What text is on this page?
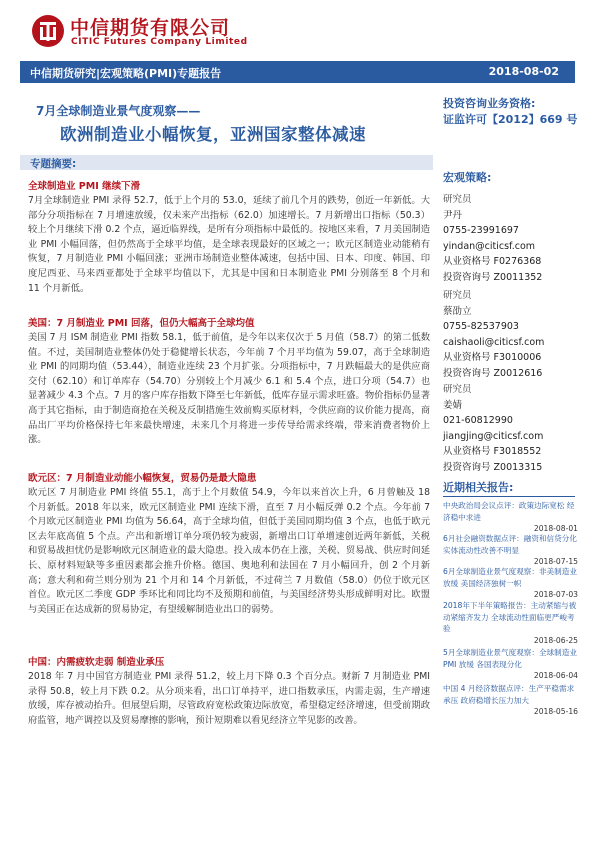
中信期货有限公司
CITIC Futures Company Limited
中信期货研究|宏观策略(PMI)专题报告	2018-08-02
7月全球制造业景气度观察——
欧洲制造业小幅恢复，亚洲国家整体减速
投资咨询业务资格:
证监许可【2012】669 号
宏观策略:
研究员
尹丹
0755-23991697
yindan@citicsf.com
从业资格号 F0276368
投资咨询号 Z0011352
研究员
蔡劭立
0755-82537903
caishaoli@citicsf.com
从业资格号 F3010006
投资咨询号 Z0012616
研究员
姜婧
021-60812990
jiangjing@citicsf.com
从业资格号 F3018552
投资咨询号 Z0013315
近期相关报告:
中央政治局会议点评：政策边际宽松 经济稳中求进
2018-08-01
6月社会融资数据点评：融资和信贷分化 实体流动性改善不明显
2018-07-15
6月全球制造业景气度观察：非美制造业放缓 美国经济独树一帜
2018-07-03
2018年下半年策略报告：主动紧缩与被动紧缩齐发力 全球流动性面临更严峻考验
2018-06-25
5月全球制造业景气度观察：全球制造业 PMI 放缓 各国表现分化
2018-06-04
中国 4 月经济数据点评：生产平稳需求承压 政府稳增长压力加大
2018-05-16
专题摘要:
全球制造业 PMI 继续下滑
7月全球制造业 PMI 录得 52.7，低于上个月的 53.0，延续了前几个月的跌势，创近一年新低。大部分分项指标在 7 月增速放缓，仅未来产出指标（62.0）加速增长。7 月新增出口指标（50.3）较上个月继续下滑 0.2 个点，逼近临界线，是所有分项指标中最低的。按地区来看，7 月美国制造业 PMI 小幅回落，但仍然高于全球平均值，是全球表现最好的区域之一；欧元区制造业动能稍有恢复，7 月制造业 PMI 小幅回涨；亚洲市场制造业整体减速，包括中国、日本、印度、韩国、印度尼西亚、马来西亚都处于全球平均值以下，尤其是中国和日本制造业 PMI 分别落至 8 个月和 11 个月新低。
美国：7 月制造业 PMI 回落，但仍大幅高于全球均值
美国 7 月 ISM 制造业 PMI 指数 58.1，低于前值，是今年以来仅次于 5 月值（58.7）的第二低数值。不过，美国制造业整体仍处于稳健增长状态，今年前 7 个月平均值为 59.07，高于全球制造业 PMI 的同期均值（53.44），制造业连续 23 个月扩张。分项指标中，7 月跌幅最大的是供应商交付（62.10）和订单库存（54.70）分别较上个月减少 6.1 和 5.4 个点，进口分项（54.7）也显著减少 4.3 个点。7 月的客户库存指数下降至七年新低，低库存显示需求旺盛。物价指标仍显著高于其它指标，由于制造商抢在关税及反制措施生效前购买原材料，令供应商的议价能力提高，商品出厂平均价格保持七年来最快增速，未来几个月将进一步传导给需求终端，带来消费者物价上涨。
欧元区：7 月制造业动能小幅恢复，贸易仍是最大隐患
欧元区 7 月制造业 PMI 终值 55.1，高于上个月数值 54.9，今年以来首次上升，6 月曾触及 18 个月新低。2018 年以来，欧元区制造业 PMI 连续下滑，直至 7 月小幅反弹 0.2 个点。今年前 7 个月欧元区制造业 PMI 均值为 56.64，高于全球均值，但低于美国同期均值 3 个点，也低于欧元区去年底高值 5 个点。产出和新增订单分项仍较为疲弱，新增出口订单增速创近两年新低，关税和贸易战担忧仍是影响欧元区制造业的最大隐患。投入成本仍在上涨，关税、贸易战、供应时间延长、原材料短缺等多重因素都会推升价格。德国、奥地利和法国在 7 月小幅回升，创 2 个月新高；意大利和荷兰则分别为 21 个月和 14 个月新低，不过荷兰 7 月数值（58.0）仍位于欧元区首位。欧元区二季度 GDP 季环比和同比均不及预期和前值，与美国经济势头形成鲜明对比。欧盟与美国正在达成新的贸易协定，有望缓解制造业出口的弱势。
中国：内需疲软走弱 制造业承压
2018 年 7 月中国官方制造业 PMI 录得 51.2，较上月下降 0.3 个百分点。财新 7 月制造业 PMI 录得 50.8，较上月下跌 0.2。从分项来看，出口订单持平，进口指数承压，内需走弱，生产增速放缓，库存被动抬升。但展望后期，尽管政府宽松政策边际放宽，希望稳定经济增速，但受前期政府监管，地产调控以及贸易摩擦的影响，预计短期难以看见经济立竿见影的改善。
